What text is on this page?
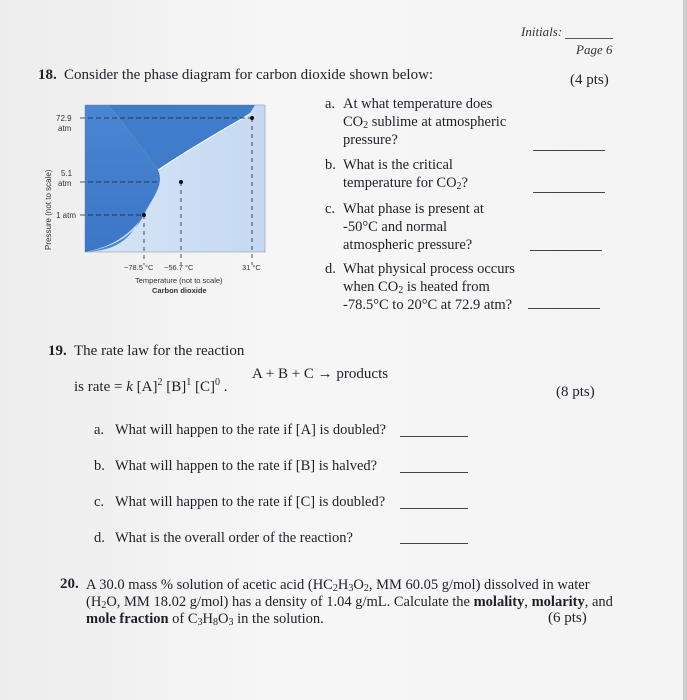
Initials:
Page 6
18. Consider the phase diagram for carbon dioxide shown below:	(4 pts)
Pressure (not to scale)
72.9
atm
5.1
atm
1 atm
−78.5 °C −56.7 °C	31 °C
Temperature (not to scale)
Carbon dioxide
a. At what temperature does
$CO_2$ sublime at atmospheric
pressure?
b. What is the critical
temperature for $CO_2$?
c. What phase is present at
-50°C and normal
atmospheric pressure?
d. What physical process occurs
when $CO_2$ is heated from
-78.5°C to 20°C at 72.9 atm?
19. The rate law for the reaction
A + B + C → products
is rate = k $[A]^2$ $[B]^1$ $[C]^0$ .	(8 pts)
a. What will happen to the rate if [A] is doubled?
b. What will happen to the rate if [B] is halved?
c. What will happen to the rate if [C] is doubled?
d. What is the overall order of the reaction?
20. A 30.0 mass % solution of acetic acid ($HC_2H_3O_2$, MM 60.05 g/mol) dissolved in water
($H_2O$, MM 18.02 g/mol) has a density of 1.04 g/mL. Calculate the molality, molarity, and
mole fraction of $C_3H_8O_3$ in the solution.	(6 pts)
